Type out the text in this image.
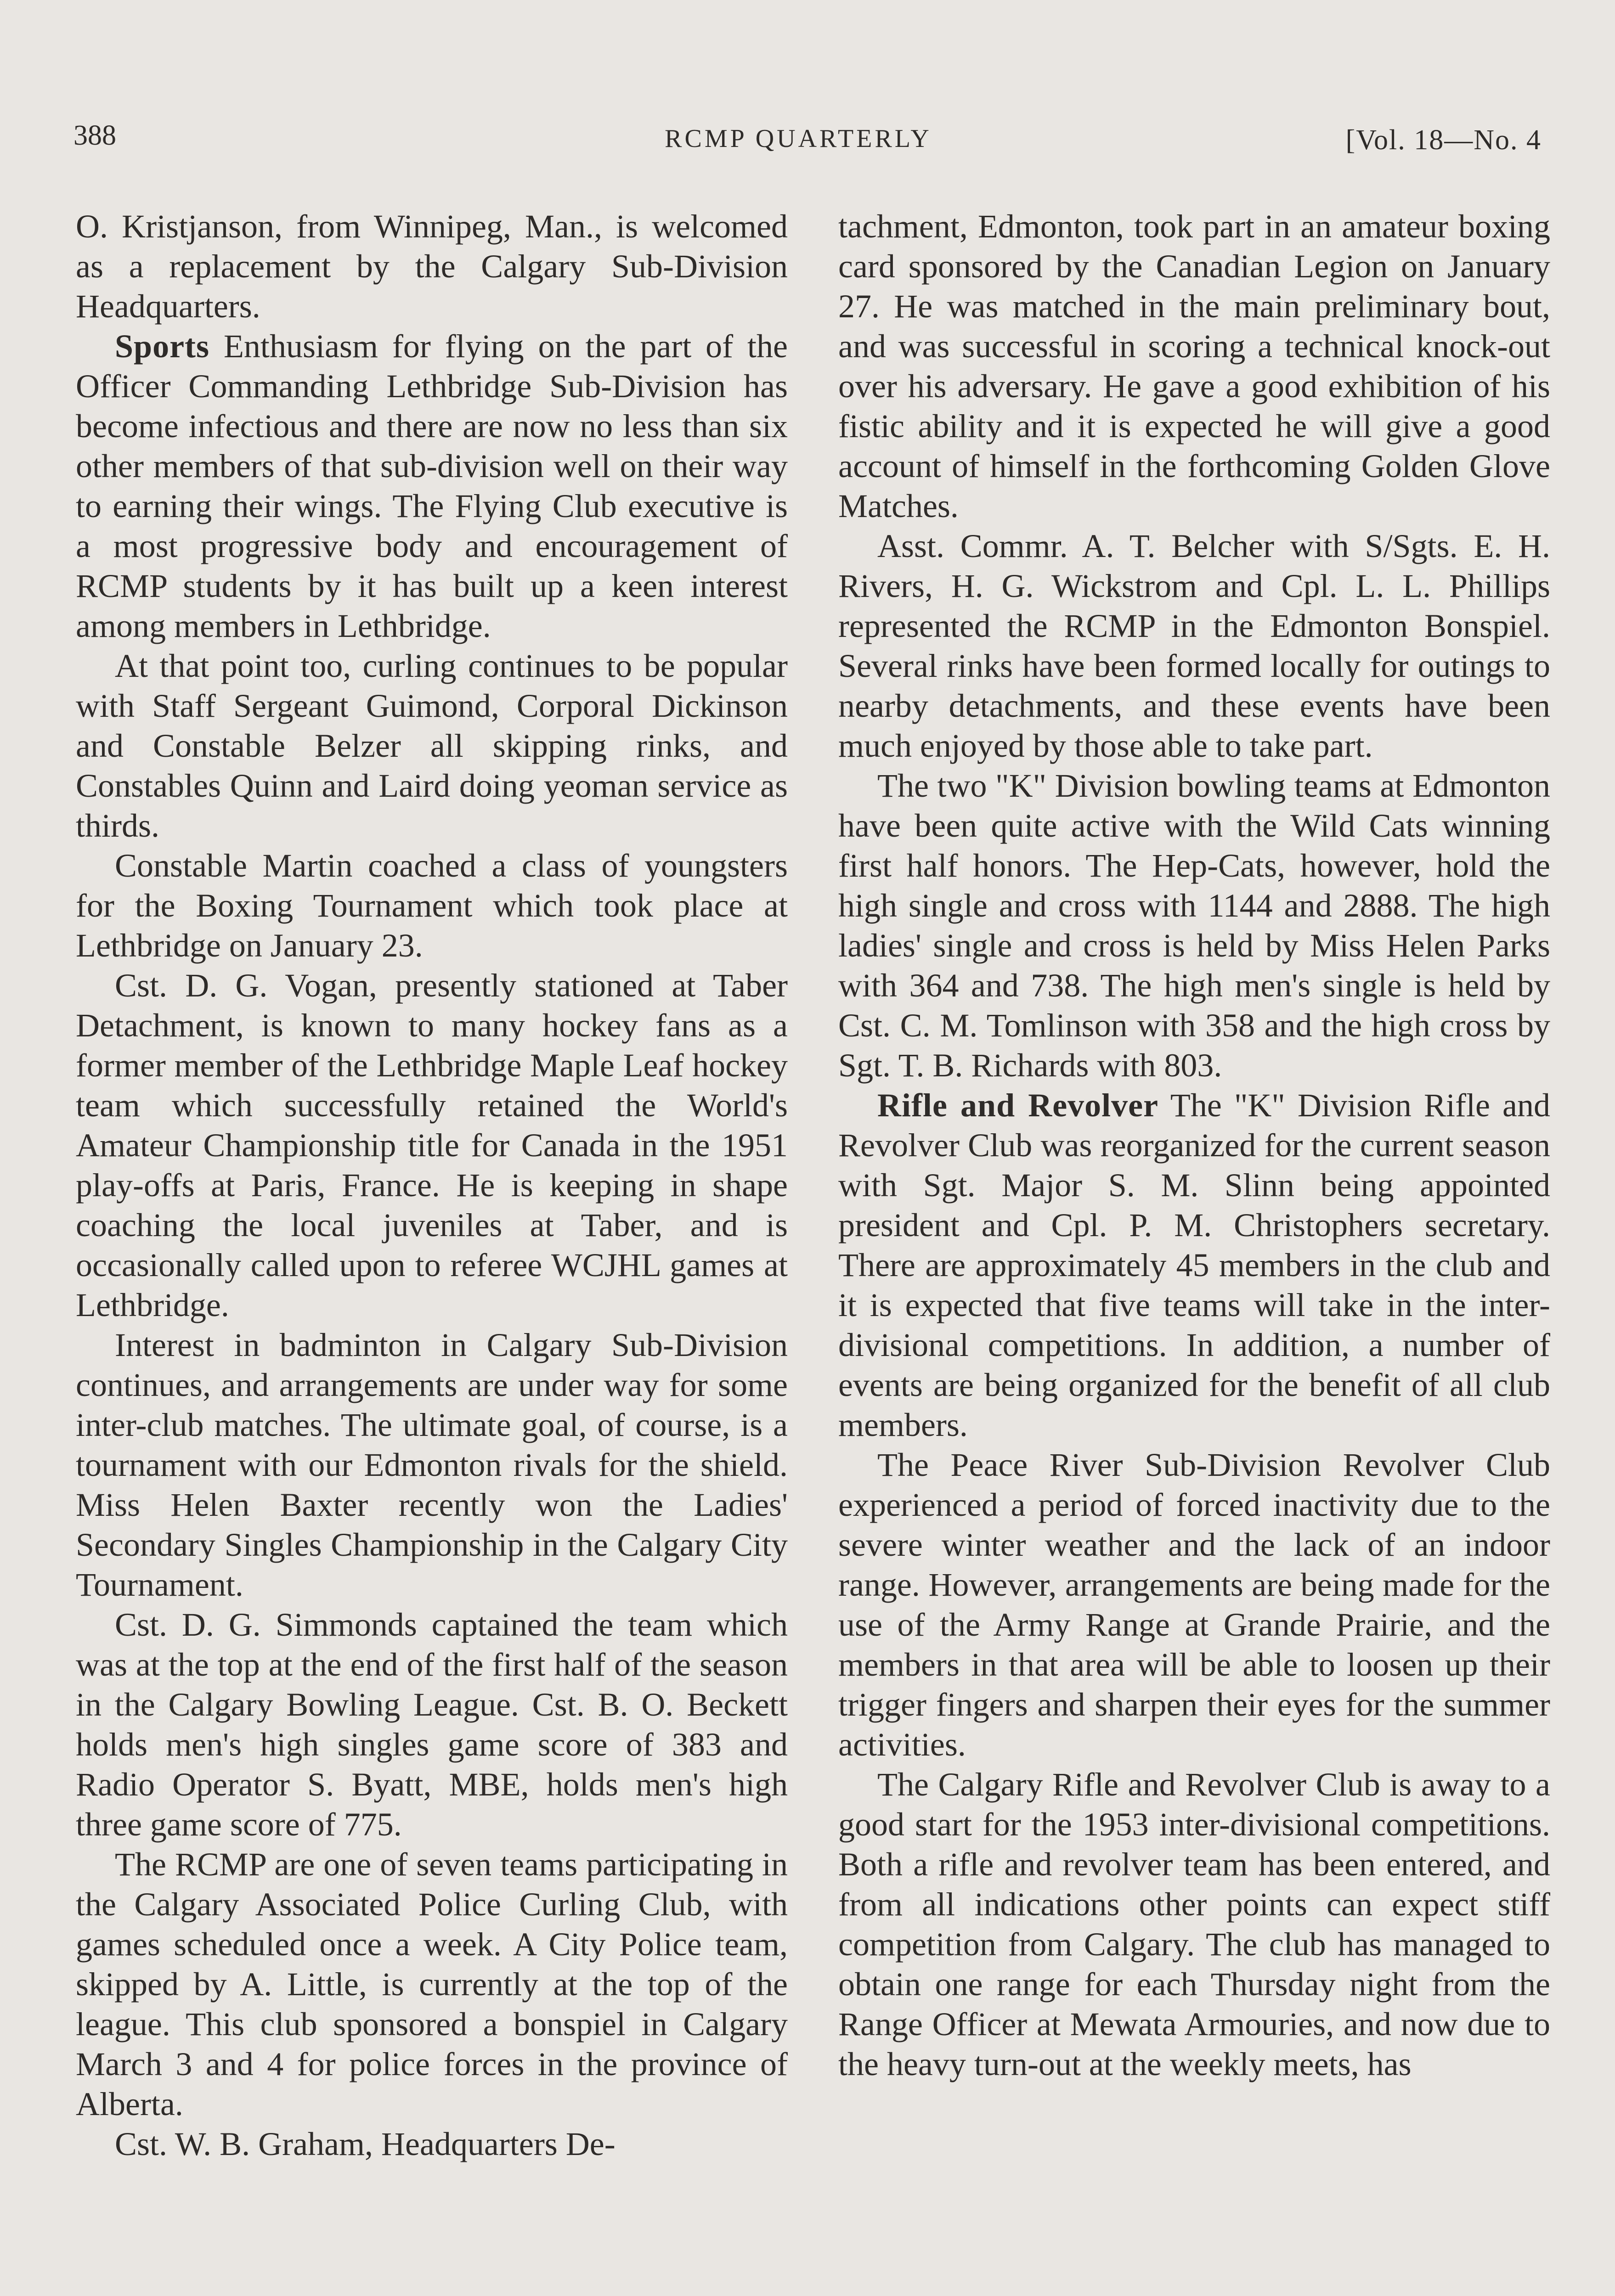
388	RCMP QUARTERLY	[Vol. 18—No. 4

O. Kristjanson, from Winnipeg, Man., is welcomed as a replacement by the Calgary Sub-Division Headquarters.

Sports Enthusiasm for flying on the part of the Officer Commanding Lethbridge Sub-Division has become infectious and there are now no less than six other members of that sub-division well on their way to earning their wings. The Flying Club executive is a most progressive body and encouragement of RCMP students by it has built up a keen interest among members in Lethbridge.

At that point too, curling continues to be popular with Staff Sergeant Guimond, Corporal Dickinson and Constable Belzer all skipping rinks, and Constables Quinn and Laird doing yeoman service as thirds.

Constable Martin coached a class of youngsters for the Boxing Tournament which took place at Lethbridge on January 23.

Cst. D. G. Vogan, presently stationed at Taber Detachment, is known to many hockey fans as a former member of the Lethbridge Maple Leaf hockey team which successfully retained the World's Amateur Championship title for Canada in the 1951 play-offs at Paris, France. He is keeping in shape coaching the local juveniles at Taber, and is occasionally called upon to referee WCJHL games at Lethbridge.

Interest in badminton in Calgary Sub-Division continues, and arrangements are under way for some inter-club matches. The ultimate goal, of course, is a tournament with our Edmonton rivals for the shield. Miss Helen Baxter recently won the Ladies' Secondary Singles Championship in the Calgary City Tournament.

Cst. D. G. Simmonds captained the team which was at the top at the end of the first half of the season in the Calgary Bowling League. Cst. B. O. Beckett holds men's high singles game score of 383 and Radio Operator S. Byatt, MBE, holds men's high three game score of 775.

The RCMP are one of seven teams participating in the Calgary Associated Police Curling Club, with games scheduled once a week. A City Police team, skipped by A. Little, is currently at the top of the league. This club sponsored a bonspiel in Calgary March 3 and 4 for police forces in the province of Alberta.

Cst. W. B. Graham, Headquarters De-

tachment, Edmonton, took part in an amateur boxing card sponsored by the Canadian Legion on January 27. He was matched in the main preliminary bout, and was successful in scoring a technical knock-out over his adversary. He gave a good exhibition of his fistic ability and it is expected he will give a good account of himself in the forthcoming Golden Glove Matches.

Asst. Commr. A. T. Belcher with S/Sgts. E. H. Rivers, H. G. Wickstrom and Cpl. L. L. Phillips represented the RCMP in the Edmonton Bonspiel. Several rinks have been formed locally for outings to nearby detachments, and these events have been much enjoyed by those able to take part.

The two "K" Division bowling teams at Edmonton have been quite active with the Wild Cats winning first half honors. The Hep-Cats, however, hold the high single and cross with 1144 and 2888. The high ladies' single and cross is held by Miss Helen Parks with 364 and 738. The high men's single is held by Cst. C. M. Tomlinson with 358 and the high cross by Sgt. T. B. Richards with 803.

Rifle and Revolver The "K" Division Rifle and Revolver Club was reorganized for the current season with Sgt. Major S. M. Slinn being appointed president and Cpl. P. M. Christophers secretary. There are approximately 45 members in the club and it is expected that five teams will take in the inter-divisional competitions. In addition, a number of events are being organized for the benefit of all club members.

The Peace River Sub-Division Revolver Club experienced a period of forced inactivity due to the severe winter weather and the lack of an indoor range. However, arrangements are being made for the use of the Army Range at Grande Prairie, and the members in that area will be able to loosen up their trigger fingers and sharpen their eyes for the summer activities.

The Calgary Rifle and Revolver Club is away to a good start for the 1953 inter-divisional competitions. Both a rifle and revolver team has been entered, and from all indications other points can expect stiff competition from Calgary. The club has managed to obtain one range for each Thursday night from the Range Officer at Mewata Armouries, and now due to the heavy turn-out at the weekly meets, has
